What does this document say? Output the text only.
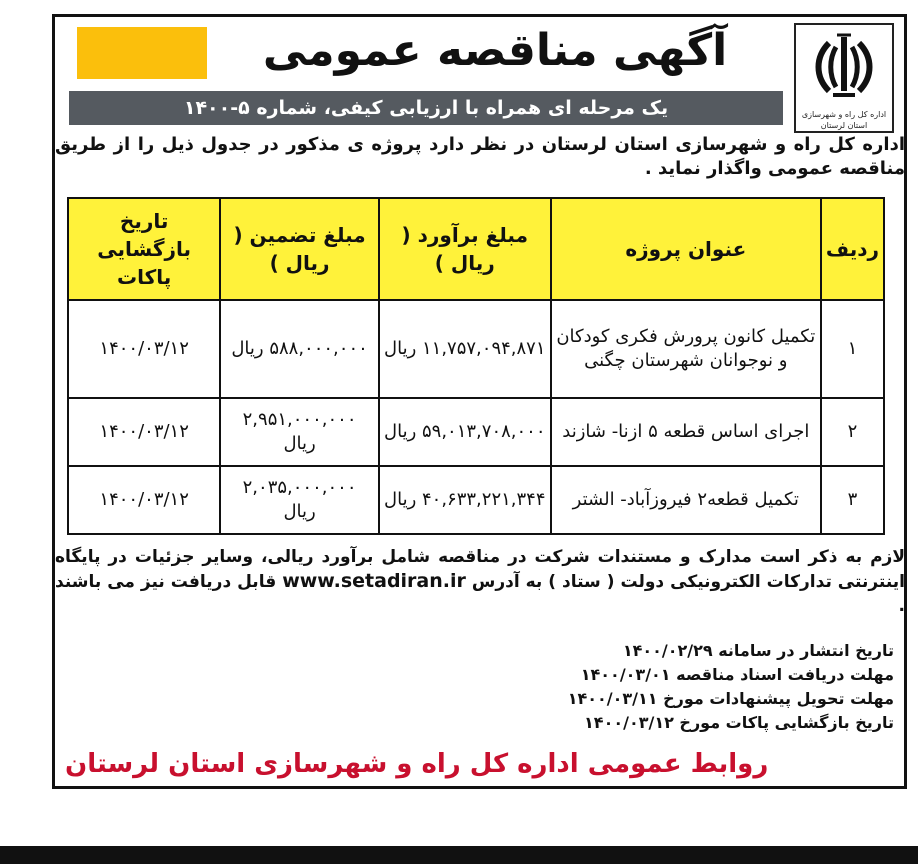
آگهی مناقصه عمومی
اداره کل راه و شهرسازی استان لرستان
یک مرحله ای همراه با ارزیابی کیفی، شماره ۵-۱۴۰۰
اداره کل راه و شهرسازی استان لرستان در نظر دارد پروژه ی مذکور در جدول ذیل را از طریق مناقصه عمومی واگذار نماید .
ردیف	عنوان پروژه	مبلغ برآورد ( ریال )	مبلغ تضمین ( ریال )	تاریخ بازگشایی پاکات
۱	تکمیل کانون پرورش فکری کودکان و نوجوانان شهرستان چگنی	۱۱,۷۵۷,۰۹۴,۸۷۱ ریال	۵۸۸,۰۰۰,۰۰۰ ریال	۱۴۰۰/۰۳/۱۲
۲	اجرای اساس قطعه ۵ ازنا- شازند	۵۹,۰۱۳,۷۰۸,۰۰۰ ریال	۲,۹۵۱,۰۰۰,۰۰۰ ریال	۱۴۰۰/۰۳/۱۲
۳	تکمیل قطعه۲ فیروزآباد- الشتر	۴۰,۶۳۳,۲۲۱,۳۴۴ ریال	۲,۰۳۵,۰۰۰,۰۰۰ ریال	۱۴۰۰/۰۳/۱۲
لازم به ذکر است مدارک و مستندات شرکت در مناقصه شامل برآورد ریالی، وسایر جزئیات در پایگاه اینترنتی تدارکات الکترونیکی دولت ( ستاد ) به آدرس www.setadiran.ir قابل دریافت نیز می باشند .
تاریخ انتشار در سامانه ۱۴۰۰/۰۲/۲۹
مهلت دریافت اسناد مناقصه ۱۴۰۰/۰۳/۰۱
مهلت تحویل پیشنهادات مورخ ۱۴۰۰/۰۳/۱۱
تاریخ بازگشایی پاکات مورخ ۱۴۰۰/۰۳/۱۲
روابط عمومی اداره کل راه و شهرسازی استان لرستان
